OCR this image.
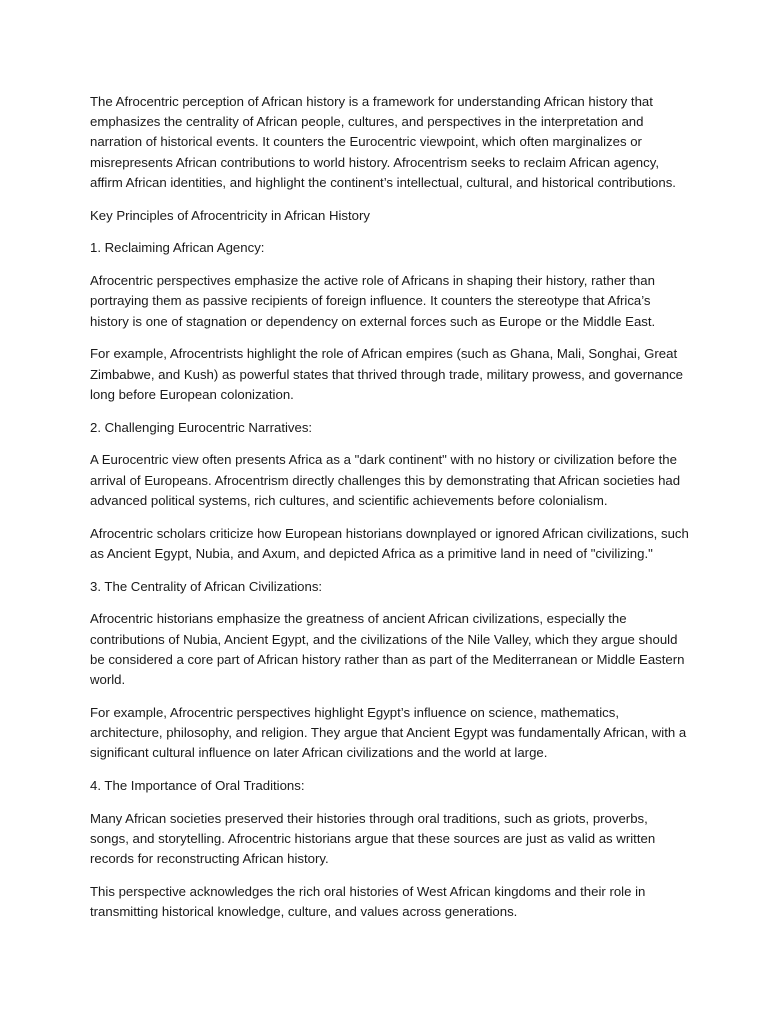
The Afrocentric perception of African history is a framework for understanding African history that emphasizes the centrality of African people, cultures, and perspectives in the interpretation and narration of historical events. It counters the Eurocentric viewpoint, which often marginalizes or misrepresents African contributions to world history. Afrocentrism seeks to reclaim African agency, affirm African identities, and highlight the continent’s intellectual, cultural, and historical contributions.

Key Principles of Afrocentricity in African History

1. Reclaiming African Agency:

Afrocentric perspectives emphasize the active role of Africans in shaping their history, rather than portraying them as passive recipients of foreign influence. It counters the stereotype that Africa’s history is one of stagnation or dependency on external forces such as Europe or the Middle East.

For example, Afrocentrists highlight the role of African empires (such as Ghana, Mali, Songhai, Great Zimbabwe, and Kush) as powerful states that thrived through trade, military prowess, and governance long before European colonization.

2. Challenging Eurocentric Narratives:

A Eurocentric view often presents Africa as a "dark continent" with no history or civilization before the arrival of Europeans. Afrocentrism directly challenges this by demonstrating that African societies had advanced political systems, rich cultures, and scientific achievements before colonialism.

Afrocentric scholars criticize how European historians downplayed or ignored African civilizations, such as Ancient Egypt, Nubia, and Axum, and depicted Africa as a primitive land in need of "civilizing."

3. The Centrality of African Civilizations:

Afrocentric historians emphasize the greatness of ancient African civilizations, especially the contributions of Nubia, Ancient Egypt, and the civilizations of the Nile Valley, which they argue should be considered a core part of African history rather than as part of the Mediterranean or Middle Eastern world.

For example, Afrocentric perspectives highlight Egypt’s influence on science, mathematics, architecture, philosophy, and religion. They argue that Ancient Egypt was fundamentally African, with a significant cultural influence on later African civilizations and the world at large.

4. The Importance of Oral Traditions:

Many African societies preserved their histories through oral traditions, such as griots, proverbs, songs, and storytelling. Afrocentric historians argue that these sources are just as valid as written records for reconstructing African history.

This perspective acknowledges the rich oral histories of West African kingdoms and their role in transmitting historical knowledge, culture, and values across generations.
